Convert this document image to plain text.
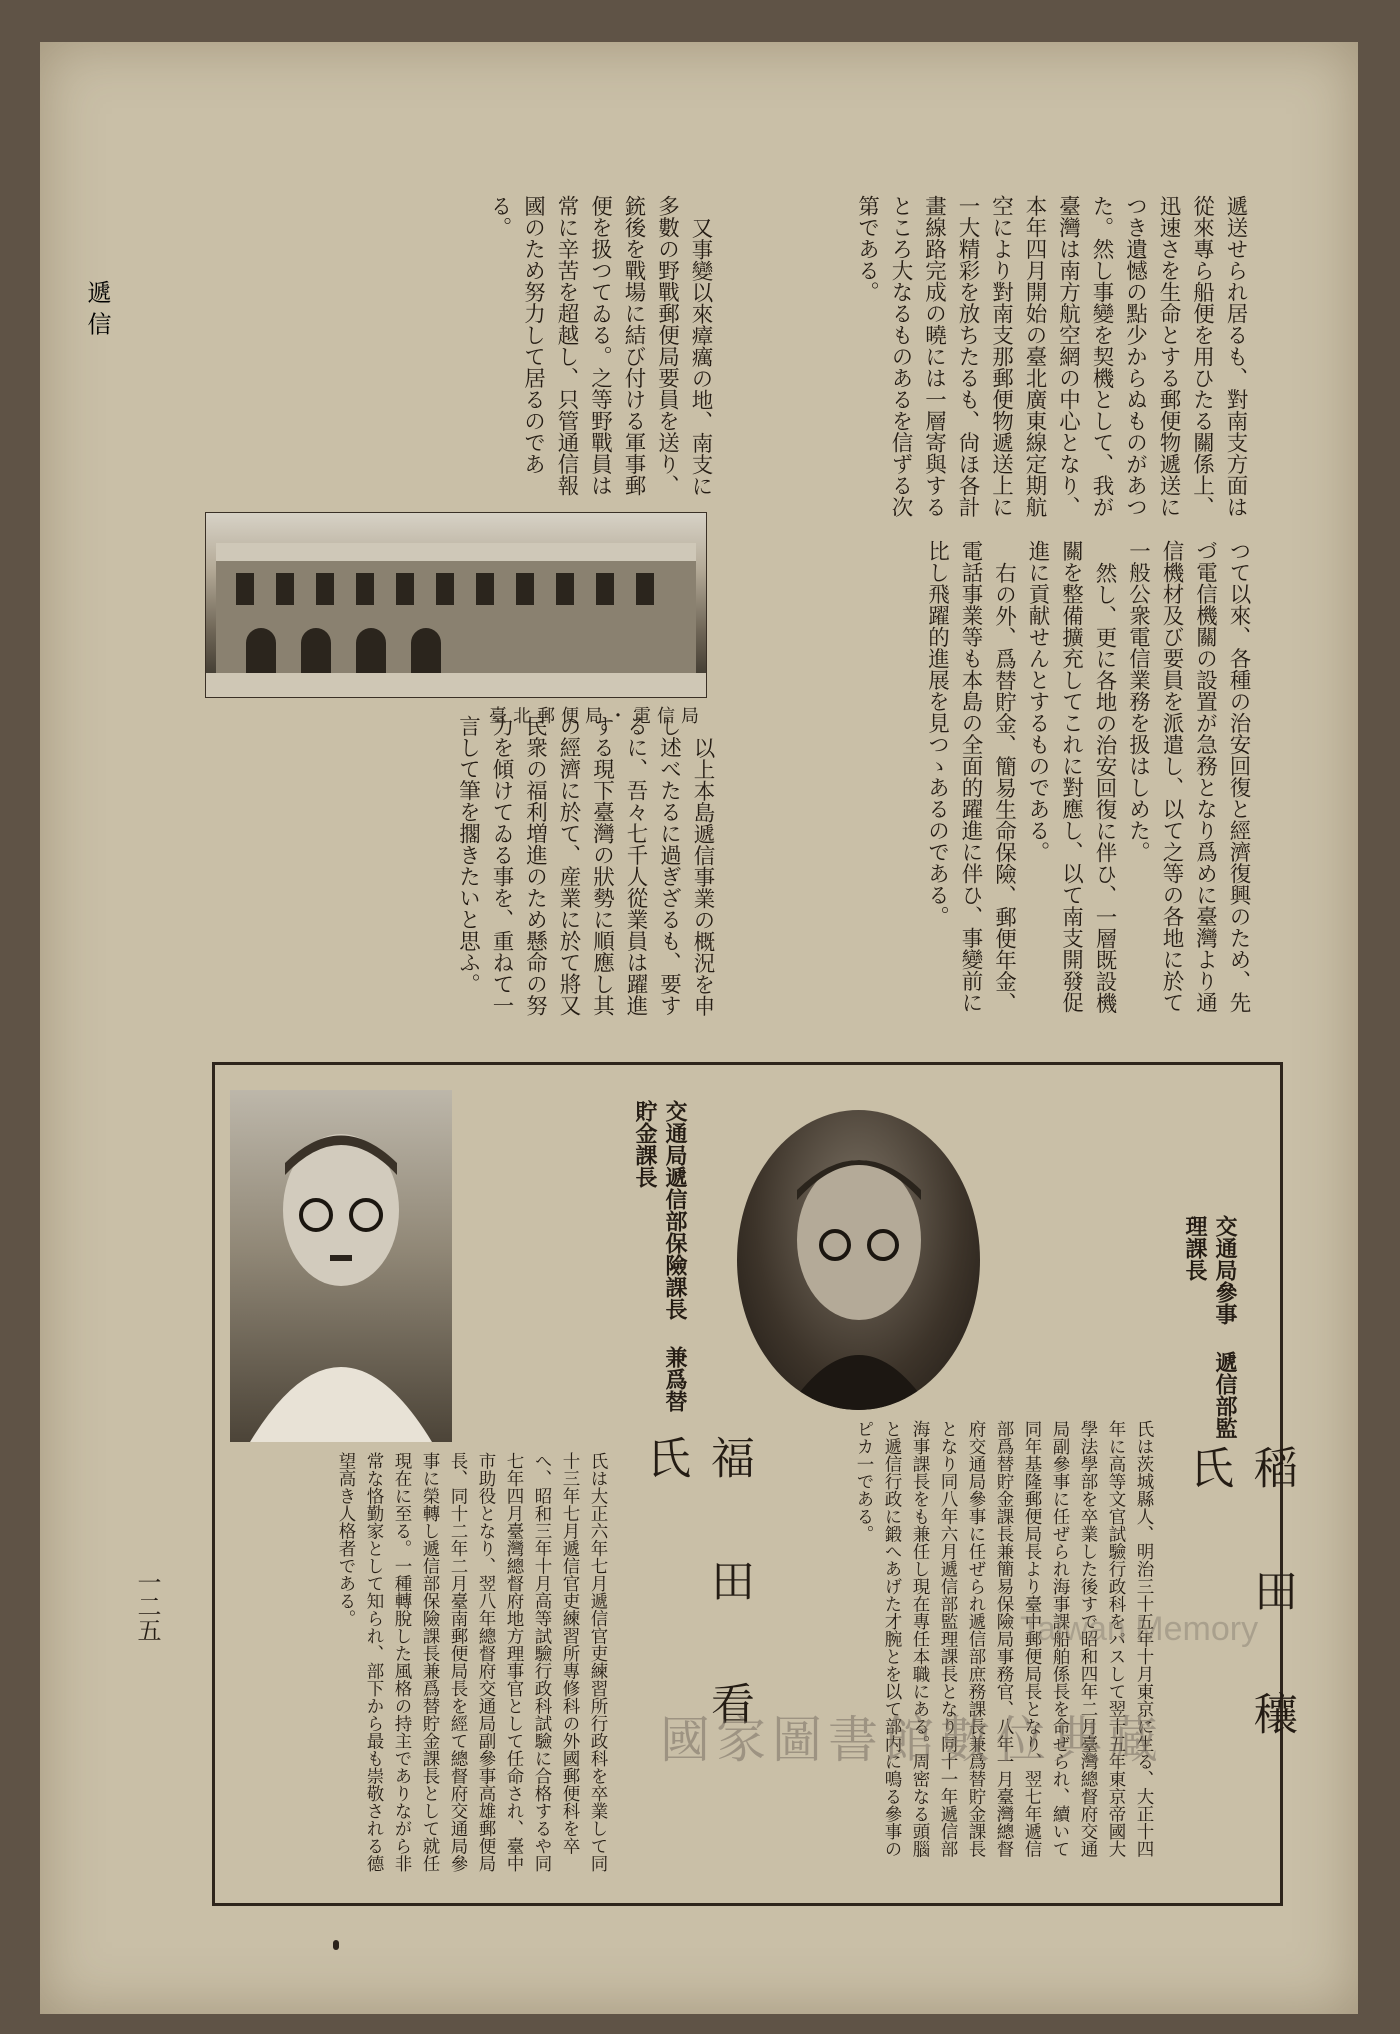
遞 信
一二五

遞送せられ居るも、對南支方面は從來專ら船便を用ひたる關係上、迅速さを生命とする郵便物遞送につき遺憾の點少からぬものがあつた。然し事變を契機として、我が臺灣は南方航空網の中心となり、本年四月開始の臺北廣東線定期航空により對南支那郵便物遞送上に一大精彩を放ちたるも、尙ほ各計畫線路完成の曉には一層寄與するところ大なるものあるを信ずる次第である。

又事變以來瘴癘の地、南支に多數の野戰郵便局要員を送り、銃後を戰場に結び付ける軍事郵便を扱つてゐる。之等野戰員は常に辛苦を超越し、只管通信報國のため努力して居るのである。

つて以來、各種の治安回復と經濟復興のため、先づ電信機關の設置が急務となり爲めに臺灣より通信機材及び要員を派遣し、以て之等の各地に於て一般公衆電信業務を扱はしめた。

然し、更に各地の治安回復に伴ひ、一層既設機關を整備擴充してこれに對應し、以て南支開發促進に貢献せんとするものである。

右の外、爲替貯金、簡易生命保險、郵便年金、電話事業等も本島の全面的躍進に伴ひ、事變前に比し飛躍的進展を見つゝあるのである。

以上本島遞信事業の概況を申し述べたるに過ぎざるも、要するに、吾々七千人從業員は躍進する現下臺灣の狀勢に順應し其の經濟に於て、産業に於て將又民衆の福利増進のため懸命の努力を傾けてゐる事を、重ねて一言して筆を擱きたいと思ふ。 臺北郵便局・電信局
交通局參事 遞信部監理課長
稻 田 穰 氏
氏は茨城縣人、明治三十五年十月東京に生る、大正十四年に高等文官試驗行政科をパスして翌十五年東京帝國大學法學部を卒業した後すで昭和四年二月臺灣總督府交通局副參事に任ぜられ海事課船舶係長を命ぜられ、續いて同年基隆郵便局長より臺中郵便局長となり、翌七年遞信部爲替貯金課長兼簡易保險局事務官、八年一月臺灣總督府交通局參事に任ぜられ遞信部庶務課長兼爲替貯金課長となり同八年六月遞信部監理課長となり同十一年遞信部海事課長をも兼任し現在專任本職にある。周密なる頭腦と遞信行政に鍛へあげた才腕とを以て部内に鳴る參事のピカ一である。
交通局遞信部保險課長 兼爲替貯金課長
福 田 看 氏
氏は大正六年七月遞信官吏練習所行政科を卒業して同十三年七月遞信官吏練習所專修科の外國郵便科を卒へ、昭和三年十月高等試驗行政科試驗に合格するや同七年四月臺灣總督府地方理事官として任命され、臺中市助役となり、翌八年總督府交通局副參事高雄郵便局長、同十二年二月臺南郵便局長を經て總督府交通局參事に榮轉し遞信部保險課長兼爲替貯金課長として就任現在に至る。一種轉脫した風格の持主でありながら非常な恪勤家として知られ、部下から最も崇敬される德望高き人格者である。
國家圖書館數位典藏
Taiwan Memory
